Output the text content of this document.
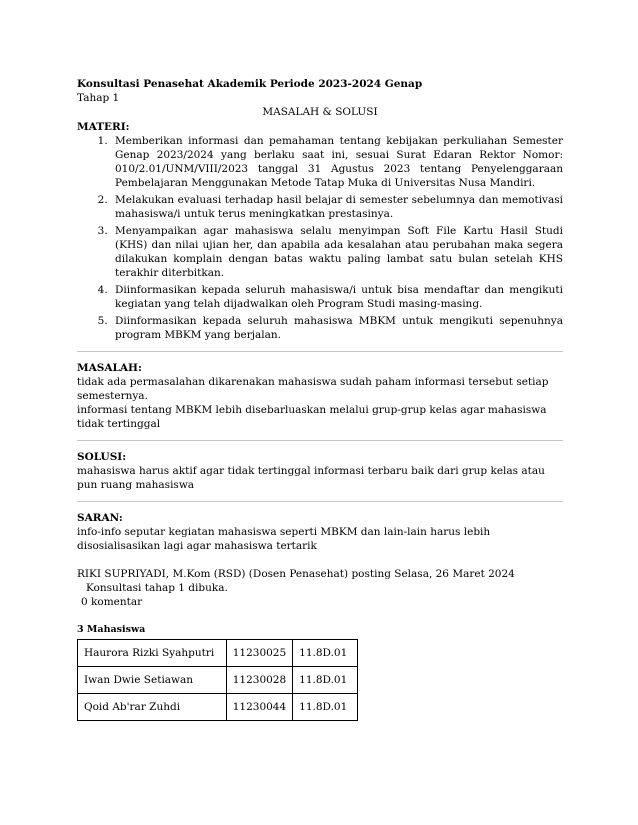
Konsultasi Penasehat Akademik Periode 2023-2024 Genap
Tahap 1
MASALAH & SOLUSI
MATERI:
1. Memberikan informasi dan pemahaman tentang kebijakan perkuliahan Semester Genap 2023/2024 yang berlaku saat ini, sesuai Surat Edaran Rektor Nomor: 010/2.01/UNM/VIII/2023 tanggal 31 Agustus 2023 tentang Penyelenggaraan Pembelajaran Menggunakan Metode Tatap Muka di Universitas Nusa Mandiri.
2. Melakukan evaluasi terhadap hasil belajar di semester sebelumnya dan memotivasi mahasiswa/i untuk terus meningkatkan prestasinya.
3. Menyampaikan agar mahasiswa selalu menyimpan Soft File Kartu Hasil Studi (KHS) dan nilai ujian her, dan apabila ada kesalahan atau perubahan maka segera dilakukan komplain dengan batas waktu paling lambat satu bulan setelah KHS terakhir diterbitkan.
4. Diinformasikan kepada seluruh mahasiswa/i untuk bisa mendaftar dan mengikuti kegiatan yang telah dijadwalkan oleh Program Studi masing-masing.
5. Diinformasikan kepada seluruh mahasiswa MBKM untuk mengikuti sepenuhnya program MBKM yang berjalan.
MASALAH:
tidak ada permasalahan dikarenakan mahasiswa sudah paham informasi tersebut setiap semesternya.
informasi tentang MBKM lebih disebarluaskan melalui grup-grup kelas agar mahasiswa tidak tertinggal
SOLUSI:
mahasiswa harus aktif agar tidak tertinggal informasi terbaru baik dari grup kelas atau pun ruang mahasiswa
SARAN:
info-info seputar kegiatan mahasiswa seperti MBKM dan lain-lain harus lebih disosialisasikan lagi agar mahasiswa tertarik
RIKI SUPRIYADI, M.Kom (RSD) (Dosen Penasehat) posting Selasa, 26 Maret 2024
Konsultasi tahap 1 dibuka.
0 komentar
3 Mahasiswa
Haurora Rizki Syahputri	11230025	11.8D.01
Iwan Dwie Setiawan	11230028	11.8D.01
Qoid Ab'rar Zuhdi	11230044	11.8D.01
